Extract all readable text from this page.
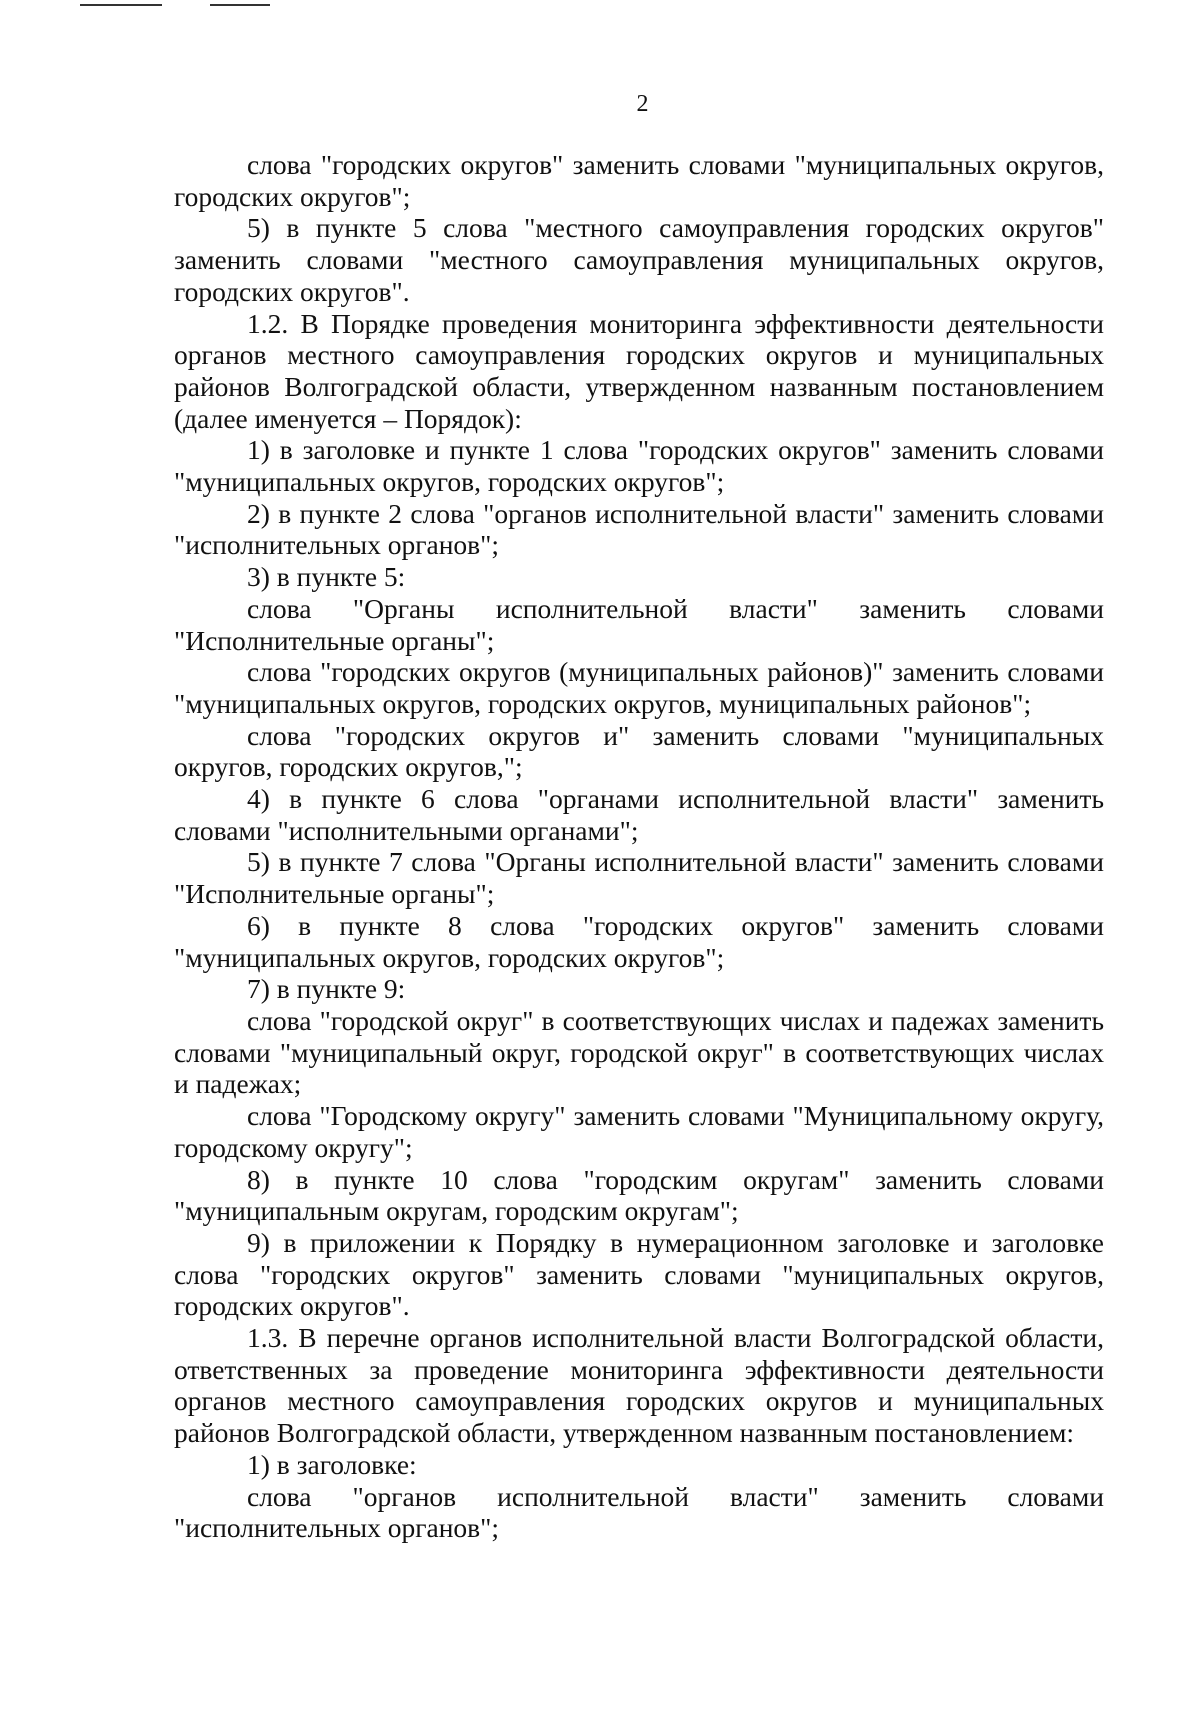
2

слова "городских округов" заменить словами "муниципальных округов, городских округов";

5) в пункте 5 слова "местного самоуправления городских округов" заменить словами "местного самоуправления муниципальных округов, городских округов".

1.2. В Порядке проведения мониторинга эффективности деятельности органов местного самоуправления городских округов и муниципальных районов Волгоградской области, утвержденном названным постановлением (далее именуется – Порядок):

1) в заголовке и пункте 1 слова "городских округов" заменить словами "муниципальных округов, городских округов";

2) в пункте 2 слова "органов исполнительной власти" заменить словами "исполнительных органов";

3) в пункте 5:

слова "Органы исполнительной власти" заменить словами "Исполнительные органы";

слова "городских округов (муниципальных районов)" заменить словами "муниципальных округов, городских округов, муниципальных районов";

слова "городских округов и" заменить словами "муниципальных округов, городских округов,";

4) в пункте 6 слова "органами исполнительной власти" заменить словами "исполнительными органами";

5) в пункте 7 слова "Органы исполнительной власти" заменить словами "Исполнительные органы";

6) в пункте 8 слова "городских округов" заменить словами "муниципальных округов, городских округов";

7) в пункте 9:

слова "городской округ" в соответствующих числах и падежах заменить словами "муниципальный округ, городской округ" в соответствующих числах и падежах;

слова "Городскому округу" заменить словами "Муниципальному округу, городскому округу";

8) в пункте 10 слова "городским округам" заменить словами "муниципальным округам, городским округам";

9) в приложении к Порядку в нумерационном заголовке и заголовке слова "городских округов" заменить словами "муниципальных округов, городских округов".

1.3. В перечне органов исполнительной власти Волгоградской области, ответственных за проведение мониторинга эффективности деятельности органов местного самоуправления городских округов и муниципальных районов Волгоградской области, утвержденном названным постановлением:

1) в заголовке:

слова "органов исполнительной власти" заменить словами "исполнительных органов";
